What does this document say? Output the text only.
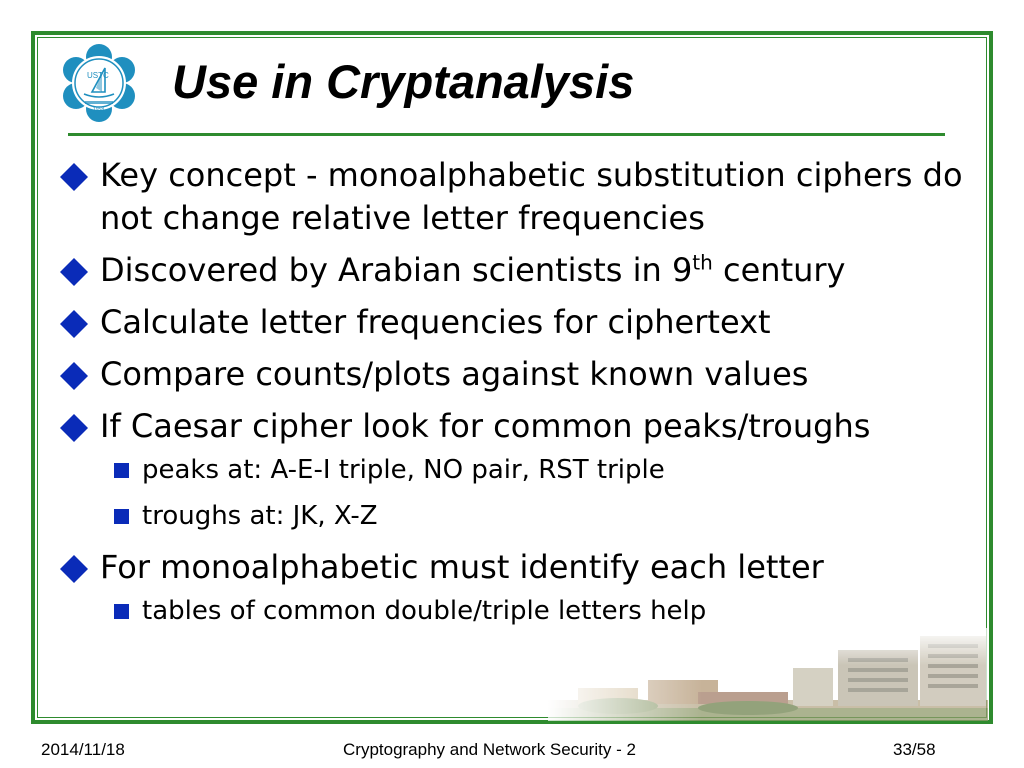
USTC
1958
Use in Cryptanalysis
Key concept - monoalphabetic substitution ciphers do not change relative letter frequencies
Discovered by Arabian scientists in 9th century
Calculate letter frequencies for ciphertext
Compare counts/plots against known values
If Caesar cipher look for common peaks/troughs
peaks at: A-E-I triple, NO pair, RST triple
troughs at: JK, X-Z
For monoalphabetic must identify each letter
tables of common double/triple letters help
2014/11/18	Cryptography and Network Security - 2	33/58
